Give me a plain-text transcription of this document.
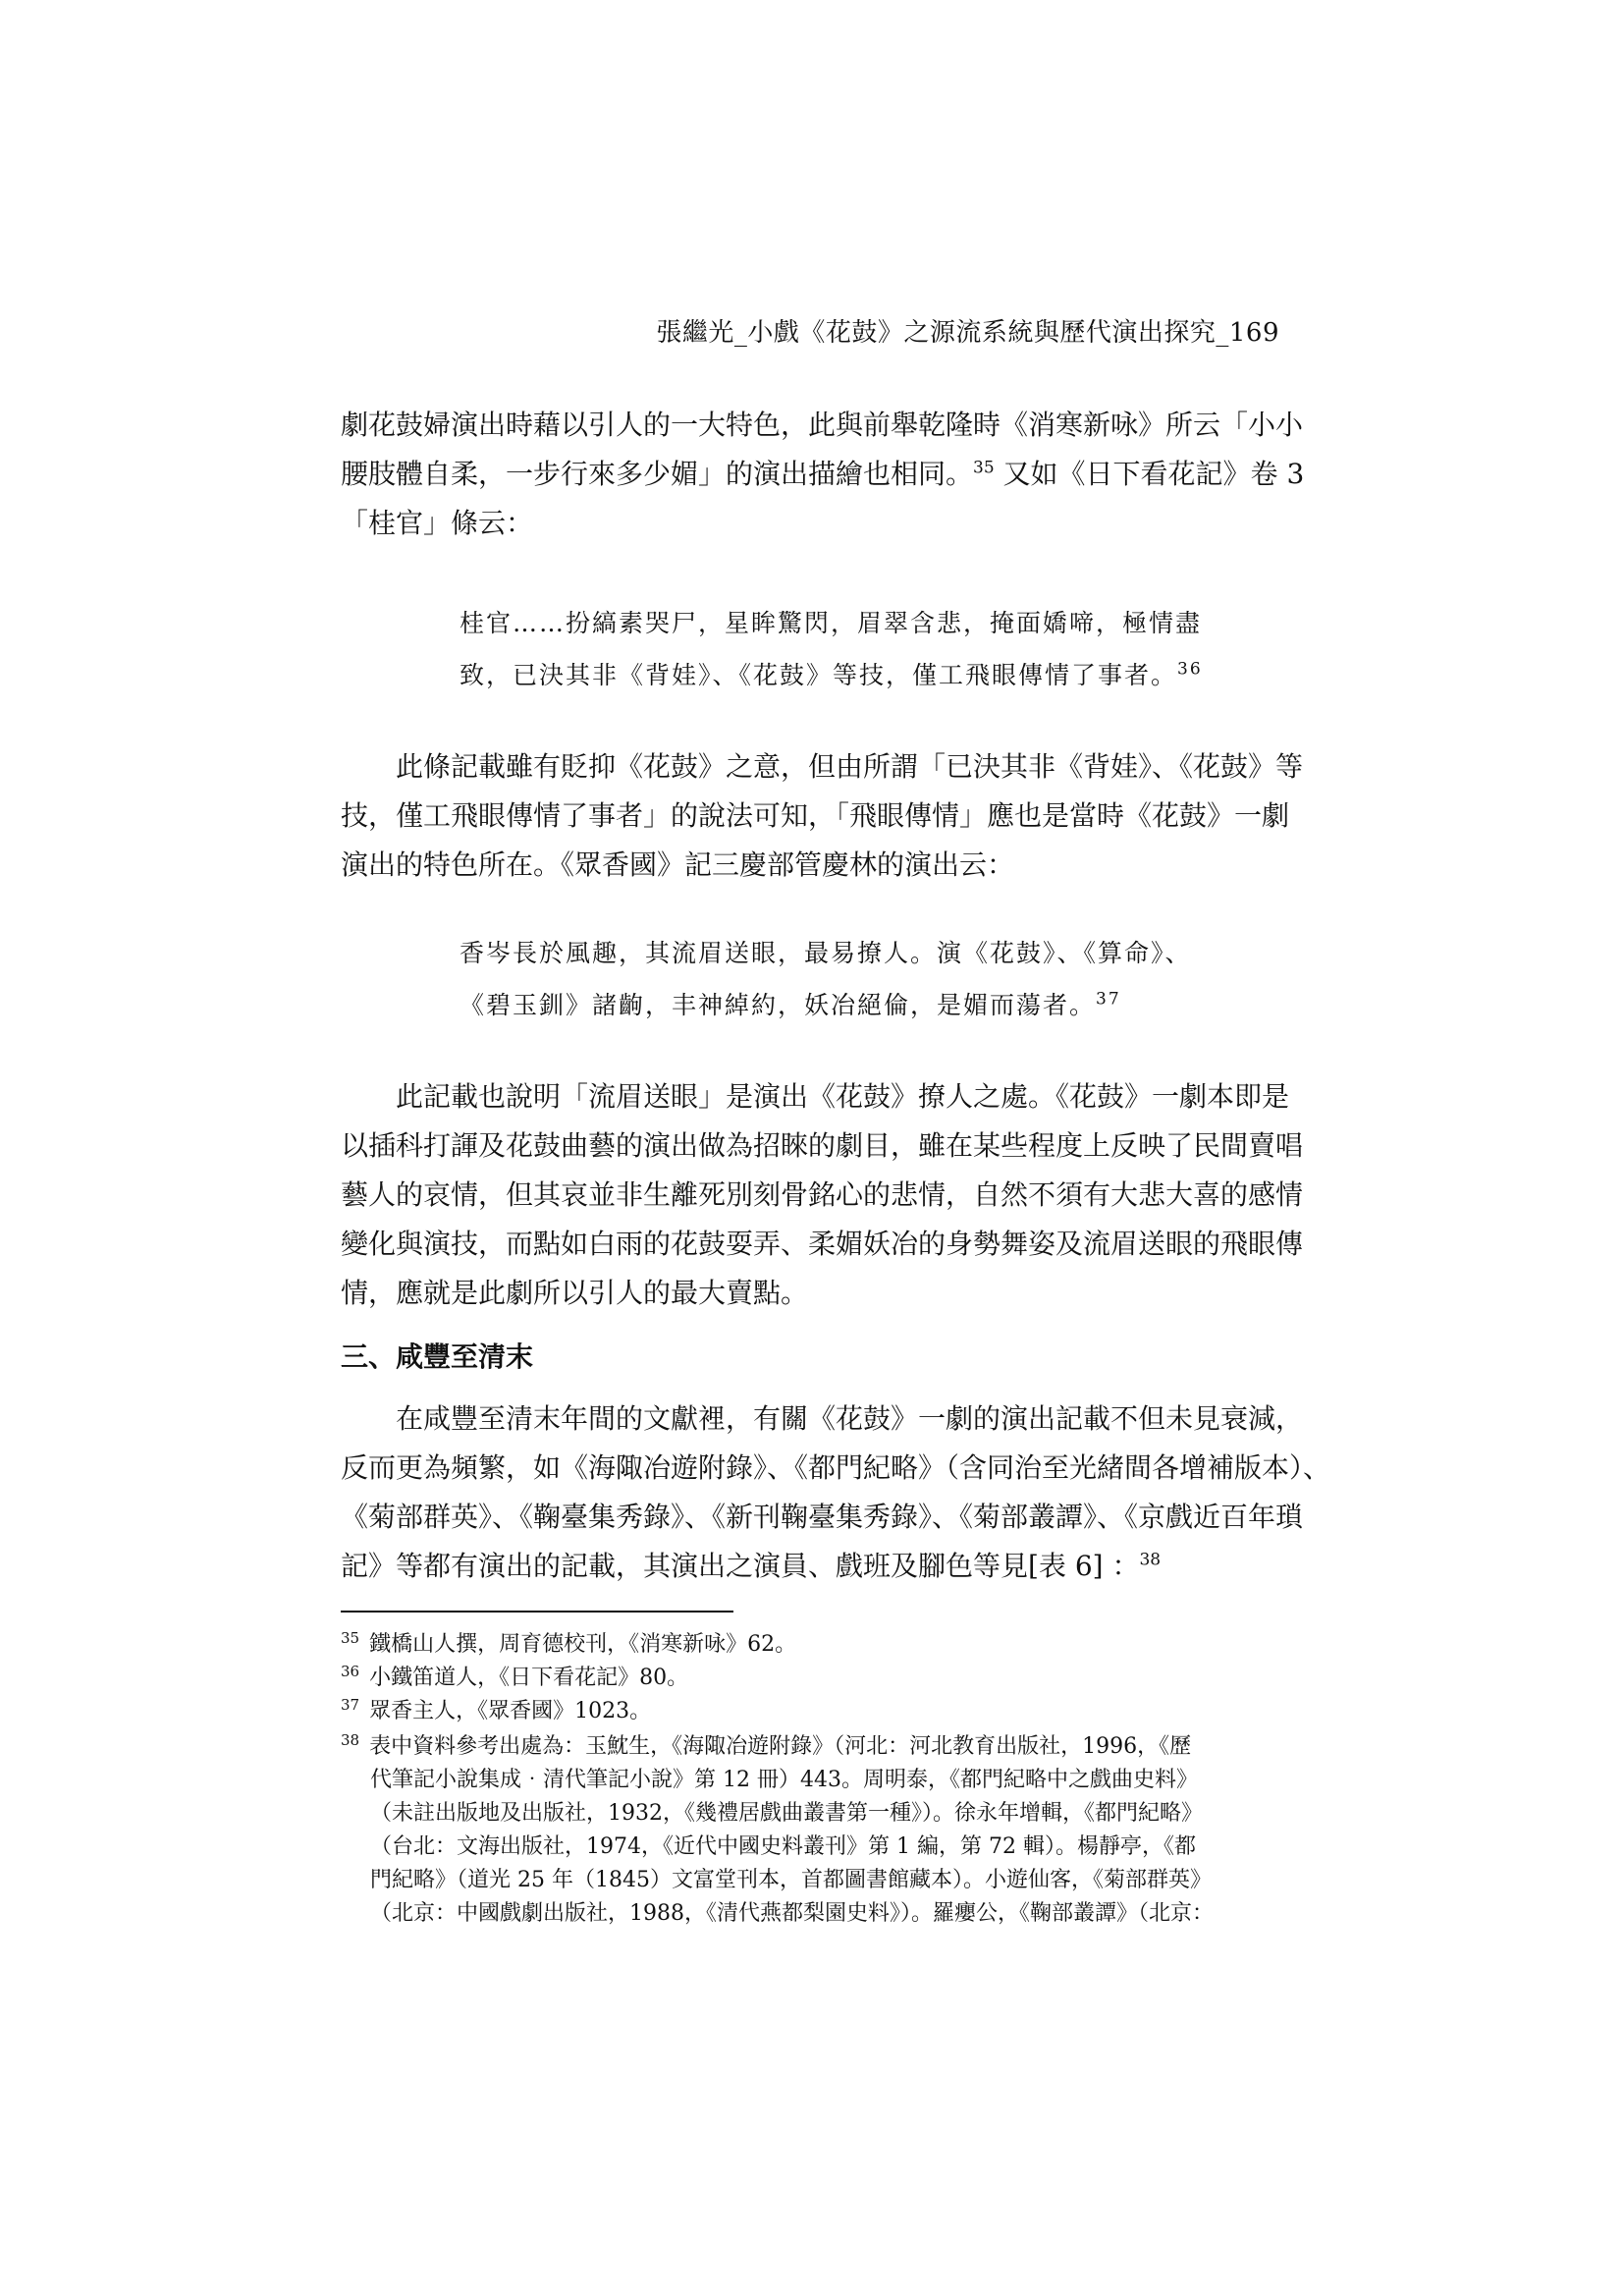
張繼光_小戲《花鼓》之源流系統與歷代演出探究_169
劇花鼓婦演出時藉以引人的一大特色，此與前舉乾隆時《消寒新咏》所云「小小
腰肢體自柔，一步行來多少媚」的演出描繪也相同。$^{35}$ 又如《日下看花記》卷 3
「桂官」條云：
桂官……扮縞素哭尸，星眸驚閃，眉翠含悲，掩面嬌啼，極情盡
致，已決其非《背娃》、《花鼓》等技，僅工飛眼傳情了事者。$^{36}$
此條記載雖有貶抑《花鼓》之意，但由所謂「已決其非《背娃》、《花鼓》等
技，僅工飛眼傳情了事者」的說法可知，「飛眼傳情」應也是當時《花鼓》一劇
演出的特色所在。《眾香國》記三慶部管慶林的演出云：
香岑長於風趣，其流眉送眼，最易撩人。演《花鼓》、《算命》、
《碧玉釧》諸齣，丰神綽約，妖冶絕倫，是媚而蕩者。$^{37}$
此記載也說明「流眉送眼」是演出《花鼓》撩人之處。《花鼓》一劇本即是
以插科打諢及花鼓曲藝的演出做為招睞的劇目，雖在某些程度上反映了民間賣唱
藝人的哀情，但其哀並非生離死別刻骨銘心的悲情，自然不須有大悲大喜的感情
變化與演技，而點如白雨的花鼓耍弄、柔媚妖冶的身勢舞姿及流眉送眼的飛眼傳
情，應就是此劇所以引人的最大賣點。
三、咸豐至清末
在咸豐至清末年間的文獻裡，有關《花鼓》一劇的演出記載不但未見衰減，
反而更為頻繁，如《海陬冶遊附錄》、《都門紀略》（含同治至光緒間各增補版本）、
《菊部群英》、《鞠臺集秀錄》、《新刊鞠臺集秀錄》、《菊部叢譚》、《京戲近百年瑣
記》等都有演出的記載，其演出之演員、戲班及腳色等見[表 6] ：$^{38}$
$^{35}$ 鐵橋山人撰，周育德校刊，《消寒新咏》62。
$^{36}$ 小鐵笛道人，《日下看花記》80。
$^{37}$ 眾香主人，《眾香國》1023。
$^{38}$ 表中資料參考出處為：玉魫生，《海陬冶遊附錄》（河北：河北教育出版社，1996，《歷
代筆記小說集成‧清代筆記小說》第 12 冊）443。周明泰，《都門紀略中之戲曲史料》
（未註出版地及出版社，1932，《幾禮居戲曲叢書第一種》）。徐永年增輯，《都門紀略》
（台北：文海出版社，1974，《近代中國史料叢刊》第 1 編，第 72 輯）。楊靜亭，《都
門紀略》（道光 25 年（1845）文富堂刊本，首都圖書館藏本）。小遊仙客，《菊部群英》
（北京：中國戲劇出版社，1988，《清代燕都梨園史料》）。羅癭公，《鞠部叢譚》（北京：
